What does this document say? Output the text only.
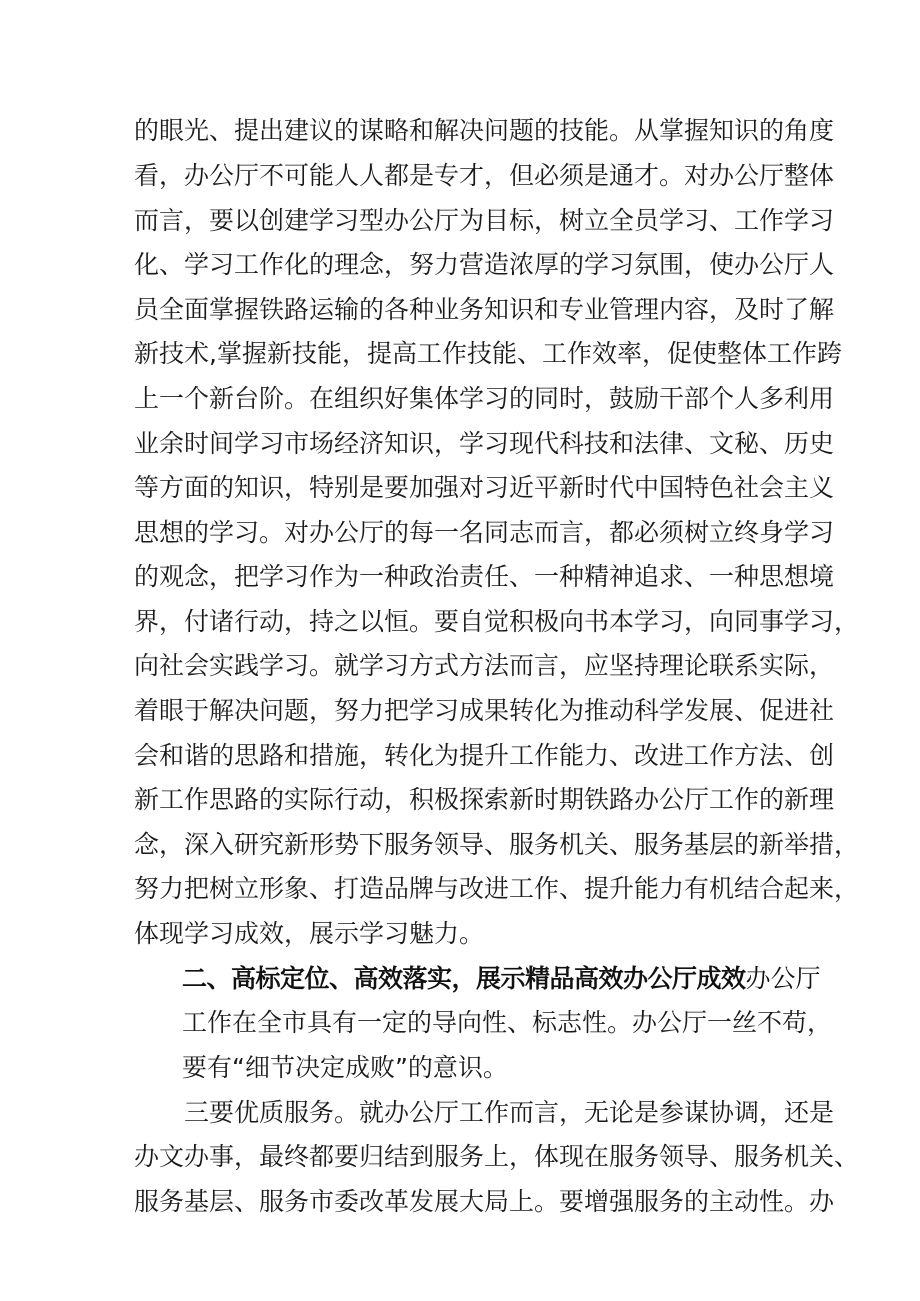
的眼光、提出建议的谋略和解决问题的技能。从掌握知识的角度
看，办公厅不可能人人都是专才，但必须是通才。对办公厅整体
而言，要以创建学习型办公厅为目标，树立全员学习、工作学习
化、学习工作化的理念，努力营造浓厚的学习氛围，使办公厅人
员全面掌握铁路运输的各种业务知识和专业管理内容，及时了解
新技术,掌握新技能，提高工作技能、工作效率，促使整体工作跨
上一个新台阶。在组织好集体学习的同时，鼓励干部个人多利用
业余时间学习市场经济知识，学习现代科技和法律、文秘、历史
等方面的知识，特别是要加强对习近平新时代中国特色社会主义
思想的学习。对办公厅的每一名同志而言，都必须树立终身学习
的观念，把学习作为一种政治责任、一种精神追求、一种思想境
界，付诸行动，持之以恒。要自觉积极向书本学习，向同事学习，
向社会实践学习。就学习方式方法而言，应坚持理论联系实际，
着眼于解决问题，努力把学习成果转化为推动科学发展、促进社
会和谐的思路和措施，转化为提升工作能力、改进工作方法、创
新工作思路的实际行动，积极探索新时期铁路办公厅工作的新理
念，深入研究新形势下服务领导、服务机关、服务基层的新举措，
努力把树立形象、打造品牌与改进工作、提升能力有机结合起来，
体现学习成效，展示学习魅力。
二、高标定位、高效落实，展示精品高效办公厅成效办公厅
工作在全市具有一定的导向性、标志性。办公厅一丝不苟，
要有“细节决定成败”的意识。
三要优质服务。就办公厅工作而言，无论是参谋协调，还是
办文办事，最终都要归结到服务上，体现在服务领导、服务机关、
服务基层、服务市委改革发展大局上。要增强服务的主动性。办
